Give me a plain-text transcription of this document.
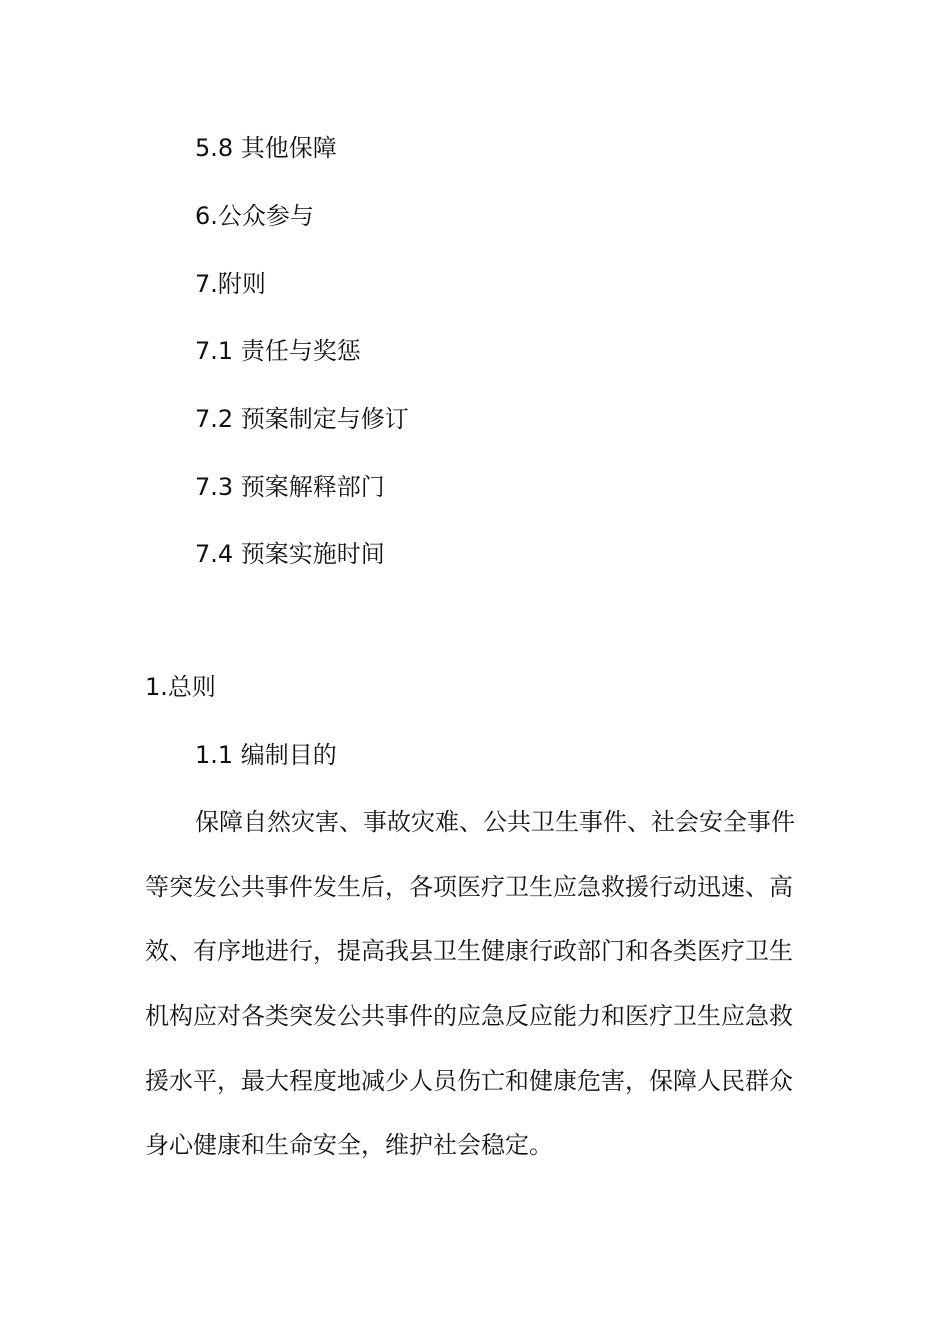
5.8 其他保障
6.公众参与
7.附则
7.1 责任与奖惩
7.2 预案制定与修订
7.3 预案解释部门
7.4 预案实施时间
1.总则
1.1 编制目的
保障自然灾害、事故灾难、公共卫生事件、社会安全事件
等突发公共事件发生后，各项医疗卫生应急救援行动迅速、高
效、有序地进行，提高我县卫生健康行政部门和各类医疗卫生
机构应对各类突发公共事件的应急反应能力和医疗卫生应急救
援水平，最大程度地减少人员伤亡和健康危害，保障人民群众
身心健康和生命安全，维护社会稳定。
